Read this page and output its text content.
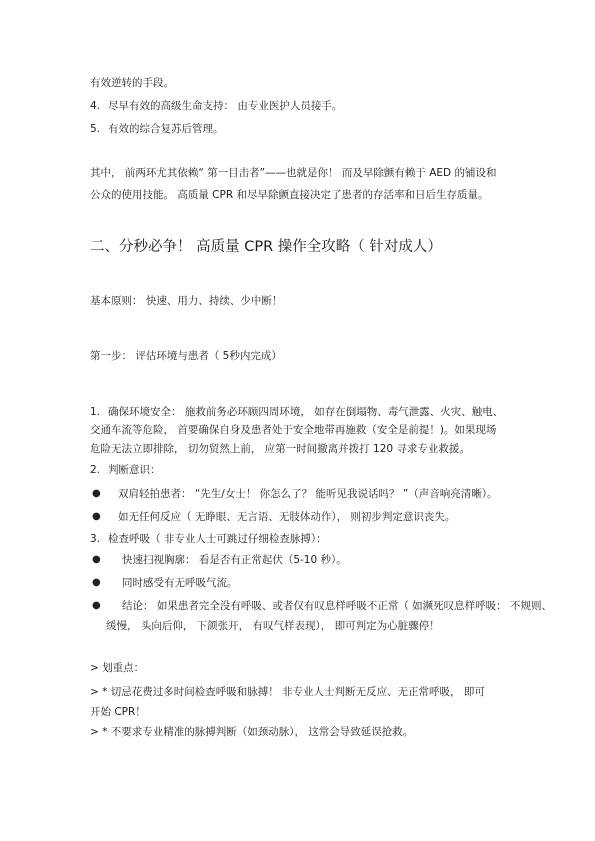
有效逆转的手段。
4. 尽早有效的高级生命支持： 由专业医护人员接手。
5. 有效的综合复苏后管理。
其中， 前两环尤其依赖“ 第一目击者”——也就是你！ 而及早除颤有赖于 AED 的铺设和
公众的使用技能。 高质量 CPR 和尽早除颤直接决定了患者的存活率和日后生存质量。
二、分秒必争！ 高质量 CPR 操作全攻略（ 针对成人）
基本原则： 快速、用力、持续、少中断！
第一步： 评估环境与患者（ 5秒内完成）
1. 确保环境安全： 施救前务必环顾四周环境， 如存在倒塌物、毒气泄露、火灾、触电、
交通车流等危险， 首要确保自身及患者处于安全地带再施救（安全是前提！)。如果现场
危险无法立即排除， 切勿贸然上前， 应第一时间撤离并拨打 120 寻求专业救援。
2. 判断意识：
● 双肩轻拍患者： “先生/女士！ 你怎么了？ 能听见我说话吗？ ”（声音响亮清晰）。
● 如无任何反应（ 无睁眼、无言语、无肢体动作）， 则初步判定意识丧失。
3. 检查呼吸（ 非专业人士可跳过仔细检查脉搏）：
● 快速扫视胸廓： 看是否有正常起伏（5-10 秒）。
● 同时感受有无呼吸气流。
● 结论： 如果患者完全没有呼吸、或者仅有叹息样呼吸不正常（ 如濒死叹息样呼吸： 不规则、
缓慢， 头向后仰， 下颌张开， 有叹气样表现）， 即可判定为心脏骤停！
> 划重点：
> * 切忌花费过多时间检查呼吸和脉搏！ 非专业人士判断无反应、无正常呼吸， 即可
开始 CPR！
> * 不要求专业精准的脉搏判断（如颈动脉）， 这常会导致延误抢救。
